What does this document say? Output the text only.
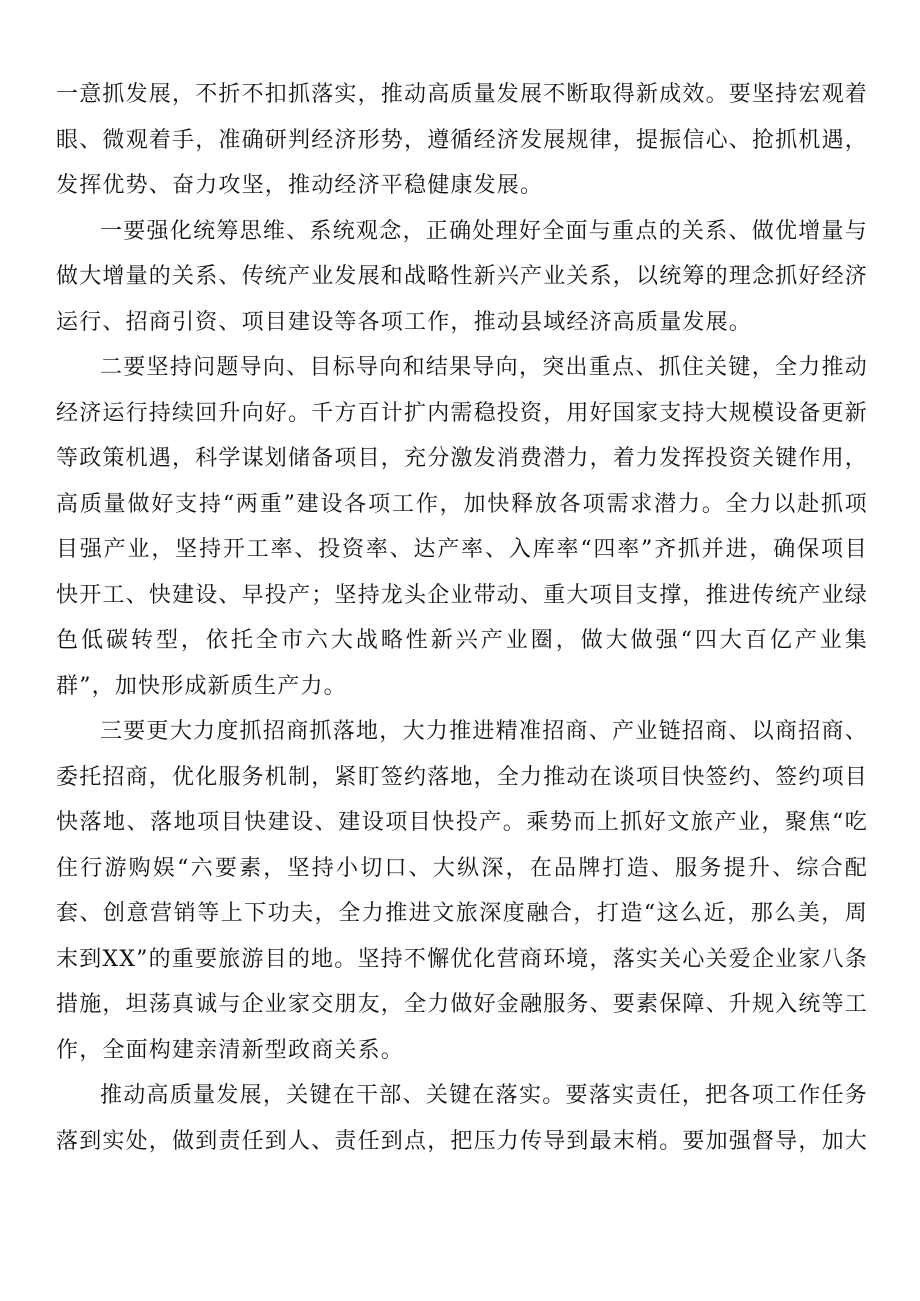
一意抓发展，不折不扣抓落实，推动高质量发展不断取得新成效。要坚持宏观着眼、微观着手，准确研判经济形势，遵循经济发展规律，提振信心、抢抓机遇，发挥优势、奋力攻坚，推动经济平稳健康发展。

一要强化统筹思维、系统观念，正确处理好全面与重点的关系、做优增量与做大增量的关系、传统产业发展和战略性新兴产业关系，以统筹的理念抓好经济运行、招商引资、项目建设等各项工作，推动县域经济高质量发展。

二要坚持问题导向、目标导向和结果导向，突出重点、抓住关键，全力推动经济运行持续回升向好。千方百计扩内需稳投资，用好国家支持大规模设备更新等政策机遇，科学谋划储备项目，充分激发消费潜力，着力发挥投资关键作用，高质量做好支持“两重”建设各项工作，加快释放各项需求潜力。全力以赴抓项目强产业，坚持开工率、投资率、达产率、入库率“四率”齐抓并进，确保项目快开工、快建设、早投产；坚持龙头企业带动、重大项目支撑，推进传统产业绿色低碳转型，依托全市六大战略性新兴产业圈，做大做强“四大百亿产业集群”，加快形成新质生产力。

三要更大力度抓招商抓落地，大力推进精准招商、产业链招商、以商招商、委托招商，优化服务机制，紧盯签约落地，全力推动在谈项目快签约、签约项目快落地、落地项目快建设、建设项目快投产。乘势而上抓好文旅产业，聚焦“吃住行游购娱“六要素，坚持小切口、大纵深，在品牌打造、服务提升、综合配套、创意营销等上下功夫，全力推进文旅深度融合，打造“这么近，那么美，周末到XX”的重要旅游目的地。坚持不懈优化营商环境，落实关心关爱企业家八条措施，坦荡真诚与企业家交朋友，全力做好金融服务、要素保障、升规入统等工作，全面构建亲清新型政商关系。

推动高质量发展，关键在干部、关键在落实。要落实责任，把各项工作任务落到实处，做到责任到人、责任到点，把压力传导到最末梢。要加强督导，加大
